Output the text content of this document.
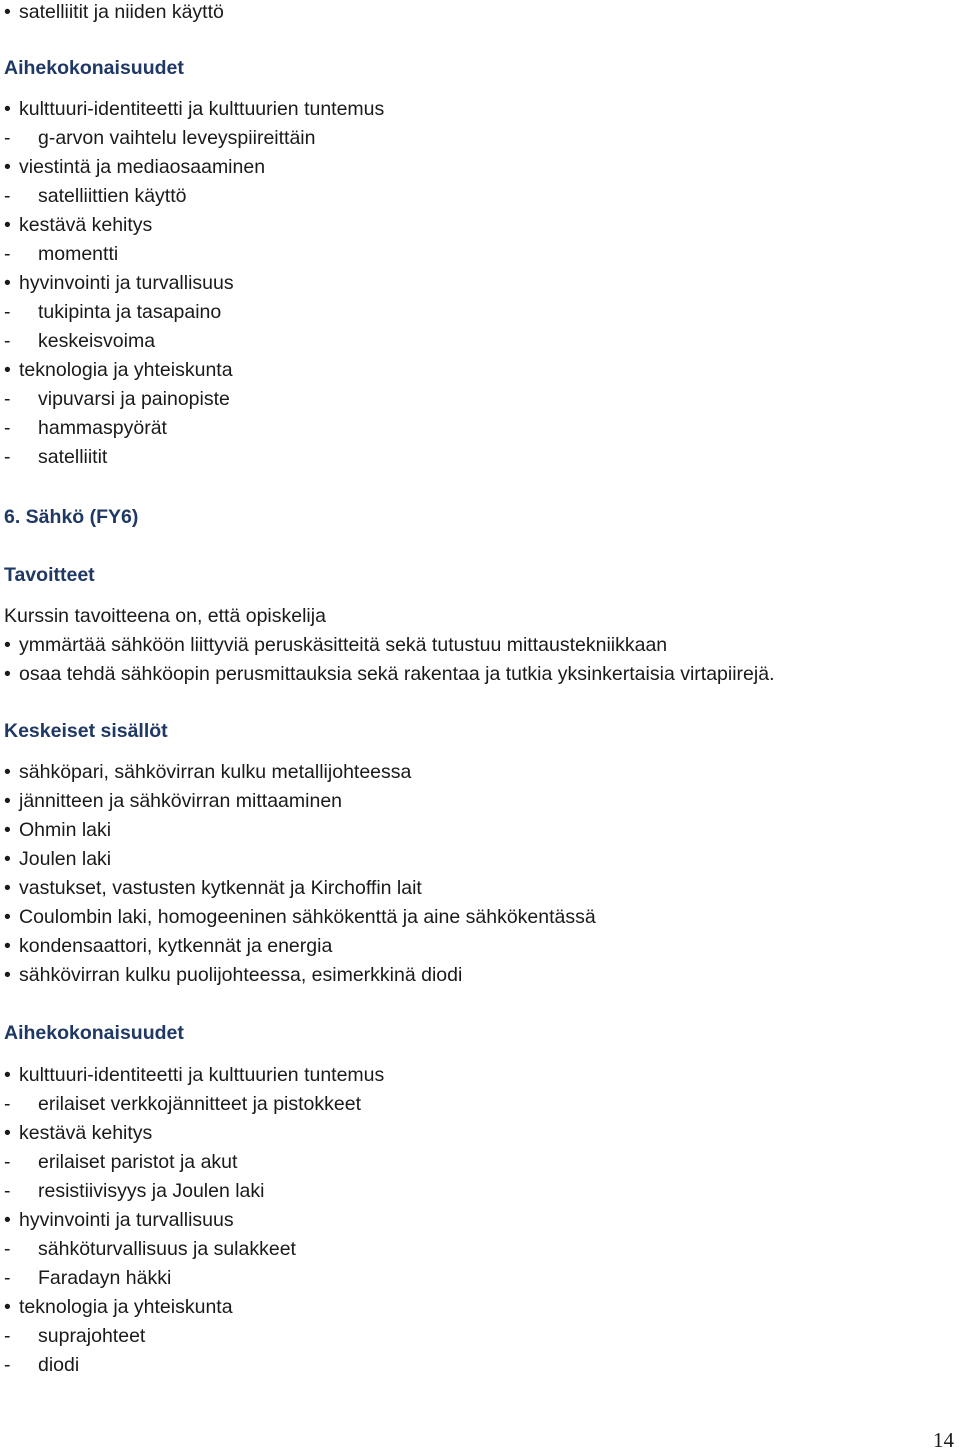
• satelliitit ja niiden käyttö
Aihekokonaisuudet
• kulttuuri-identiteetti ja kulttuurien tuntemus
- g-arvon vaihtelu leveyspiireittäin
• viestintä ja mediaosaaminen
- satelliittien käyttö
• kestävä kehitys
- momentti
• hyvinvointi ja turvallisuus
- tukipinta ja tasapaino
- keskeisvoima
• teknologia ja yhteiskunta
- vipuvarsi ja painopiste
- hammaspyörät
- satelliitit
6. Sähkö (FY6)
Tavoitteet
Kurssin tavoitteena on, että opiskelija
• ymmärtää sähköön liittyviä peruskäsitteitä sekä tutustuu mittaustekniikkaan
• osaa tehdä sähköopin perusmittauksia sekä rakentaa ja tutkia yksinkertaisia virtapiirejä.
Keskeiset sisällöt
• sähköpari, sähkövirran kulku metallijohteessa
• jännitteen ja sähkövirran mittaaminen
• Ohmin laki
• Joulen laki
• vastukset, vastusten kytkennät ja Kirchoffin lait
• Coulombin laki, homogeeninen sähkökenttä ja aine sähkökentässä
• kondensaattori, kytkennät ja energia
• sähkövirran kulku puolijohteessa, esimerkkinä diodi
Aihekokonaisuudet
• kulttuuri-identiteetti ja kulttuurien tuntemus
- erilaiset verkkojännitteet ja pistokkeet
• kestävä kehitys
- erilaiset paristot ja akut
- resistiivisyys ja Joulen laki
• hyvinvointi ja turvallisuus
- sähköturvallisuus ja sulakkeet
- Faradayn häkki
• teknologia ja yhteiskunta
- suprajohteet
- diodi
14
